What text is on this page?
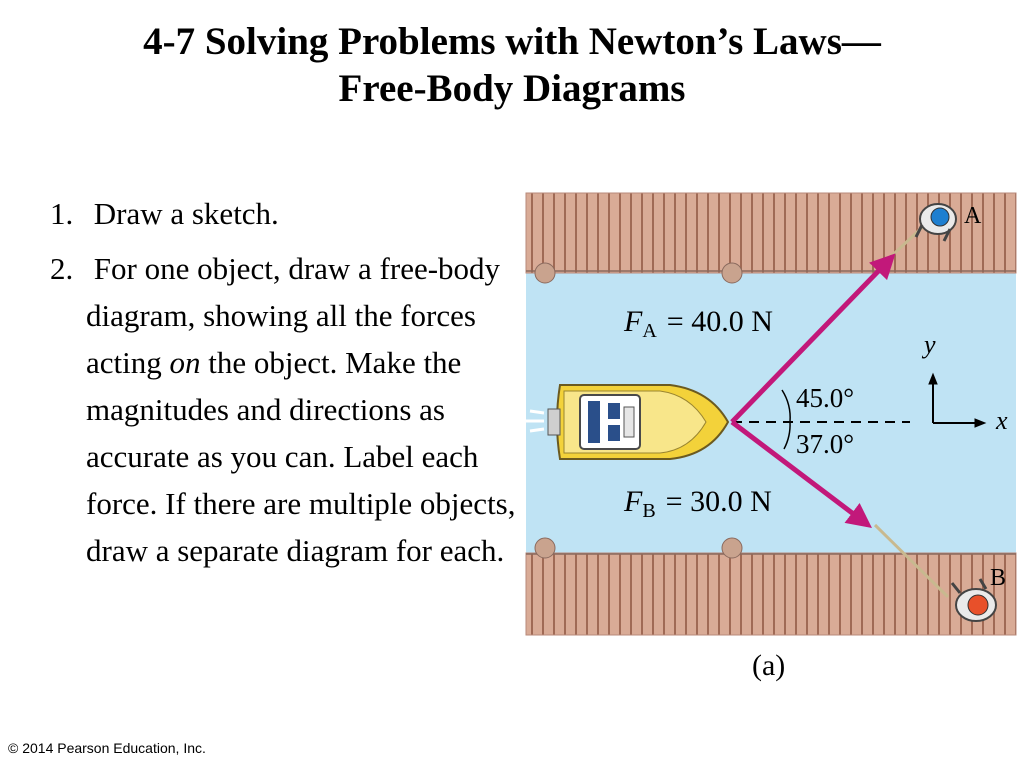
4-7 Solving Problems with Newton’s Laws—
Free-Body Diagrams
1. Draw a sketch.
2. For one object, draw a free-body diagram, showing all the forces acting on the object. Make the magnitudes and directions as accurate as you can. Label each force. If there are multiple objects, draw a separate diagram for each.
A
B
$F_A = 40.0$ N
$F_B = 30.0$ N
45.0°
37.0°
y
x
(a)
© 2014 Pearson Education, Inc.
